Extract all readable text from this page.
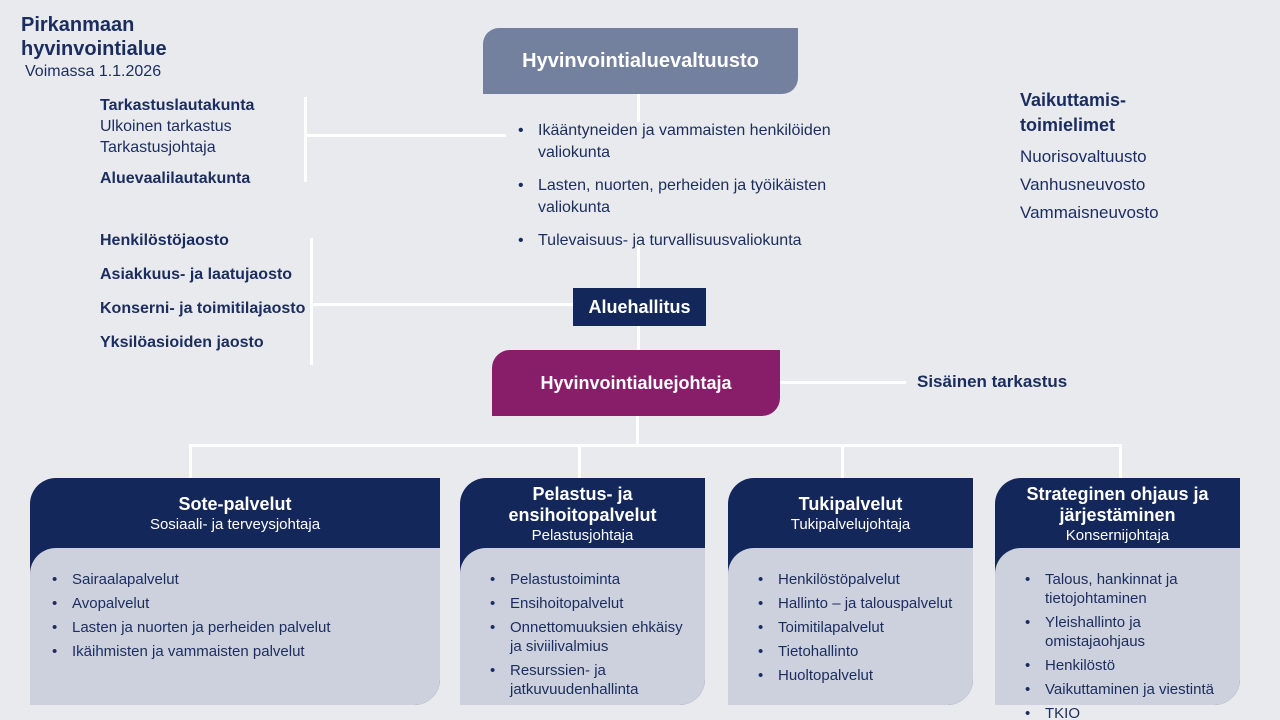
Pirkanmaan
hyvinvointialue
Voimassa 1.1.2026	Hyvinvointialuevaltuusto
Tarkastuslautakunta
Ulkoinen tarkastus
Tarkastusjohtaja
Aluevaalilautakunta
Henkilöstöjaosto
Asiakkuus- ja laatujaosto
Konserni- ja toimitilajaosto
Yksilöasioiden jaosto
• Ikääntyneiden ja vammaisten henkilöiden valiokunta
• Lasten, nuorten, perheiden ja työikäisten valiokunta
• Tulevaisuus- ja turvallisuusvaliokunta
Vaikuttamis-
toimielimet
Nuorisovaltuusto
Vanhusneuvosto
Vammaisneuvosto
Aluehallitus
Hyvinvointialuejohtaja	Sisäinen tarkastus
Sote-palvelut
Sosiaali- ja terveysjohtaja
• Sairaalapalvelut
• Avopalvelut
• Lasten ja nuorten ja perheiden palvelut
• Ikäihmisten ja vammaisten palvelut
Pelastus- ja ensihoitopalvelut
Pelastusjohtaja
• Pelastustoiminta
• Ensihoitopalvelut
• Onnettomuuksien ehkäisy ja siviilivalmius
• Resurssien- ja jatkuvuudenhallinta
Tukipalvelut
Tukipalvelujohtaja
• Henkilöstöpalvelut
• Hallinto – ja talouspalvelut
• Toimitilapalvelut
• Tietohallinto
• Huoltopalvelut
Strateginen ohjaus ja järjestäminen
Konsernijohtaja
• Talous, hankinnat ja tietojohtaminen
• Yleishallinto ja omistajaohjaus
• Henkilöstö
• Vaikuttaminen ja viestintä
• TKIO
